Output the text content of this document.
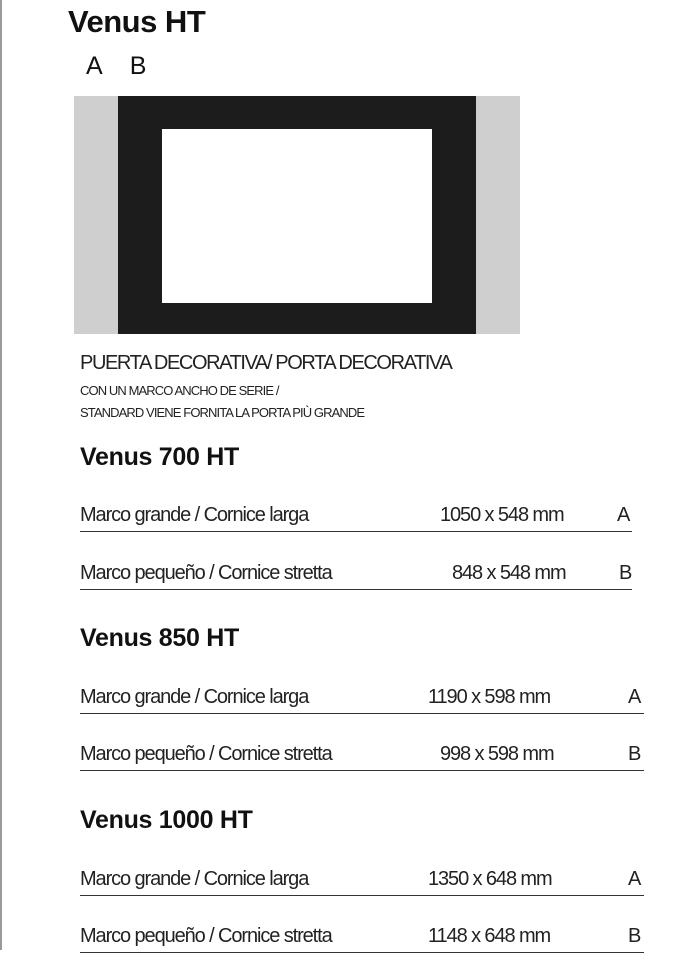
Venus HT
A B
PUERTA DECORATIVA/ PORTA DECORATIVA
CON UN MARCO ANCHO DE SERIE /
STANDARD VIENE FORNITA LA PORTA PIÙ GRANDE
Venus 700 HT
Marco grande / Cornice larga	1050 x 548 mm	A
Marco pequeño / Cornice stretta	848 x 548 mm	B
Venus 850 HT
Marco grande / Cornice larga	1190 x 598 mm	A
Marco pequeño / Cornice stretta	998 x 598 mm	B
Venus 1000 HT
Marco grande / Cornice larga	1350 x 648 mm	A
Marco pequeño / Cornice stretta	1148 x 648 mm	B
